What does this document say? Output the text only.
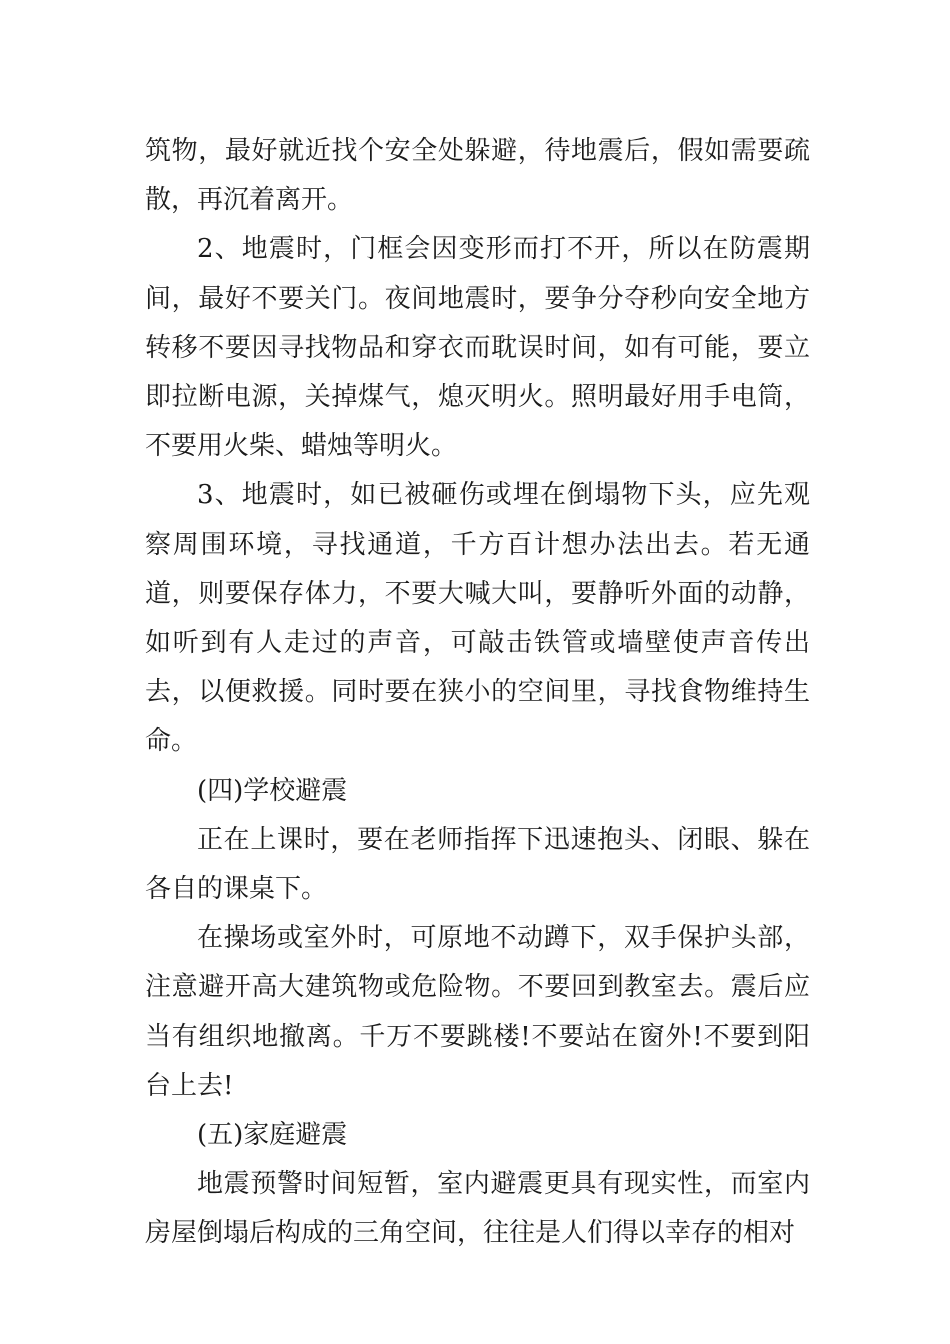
筑物，最好就近找个安全处躲避，待地震后，假如需要疏散，再沉着离开。

2、地震时，门框会因变形而打不开，所以在防震期间，最好不要关门。夜间地震时，要争分夺秒向安全地方转移不要因寻找物品和穿衣而耽误时间，如有可能，要立即拉断电源，关掉煤气，熄灭明火。照明最好用手电筒，不要用火柴、蜡烛等明火。

3、地震时，如已被砸伤或埋在倒塌物下头，应先观察周围环境，寻找通道，千方百计想办法出去。若无通道，则要保存体力，不要大喊大叫，要静听外面的动静，如听到有人走过的声音，可敲击铁管或墙壁使声音传出去，以便救援。同时要在狭小的空间里，寻找食物维持生命。

(四)学校避震

正在上课时，要在老师指挥下迅速抱头、闭眼、躲在各自的课桌下。

在操场或室外时，可原地不动蹲下，双手保护头部，注意避开高大建筑物或危险物。不要回到教室去。震后应当有组织地撤离。千万不要跳楼!不要站在窗外!不要到阳台上去!

(五)家庭避震

地震预警时间短暂，室内避震更具有现实性，而室内房屋倒塌后构成的三角空间，往往是人们得以幸存的相对
